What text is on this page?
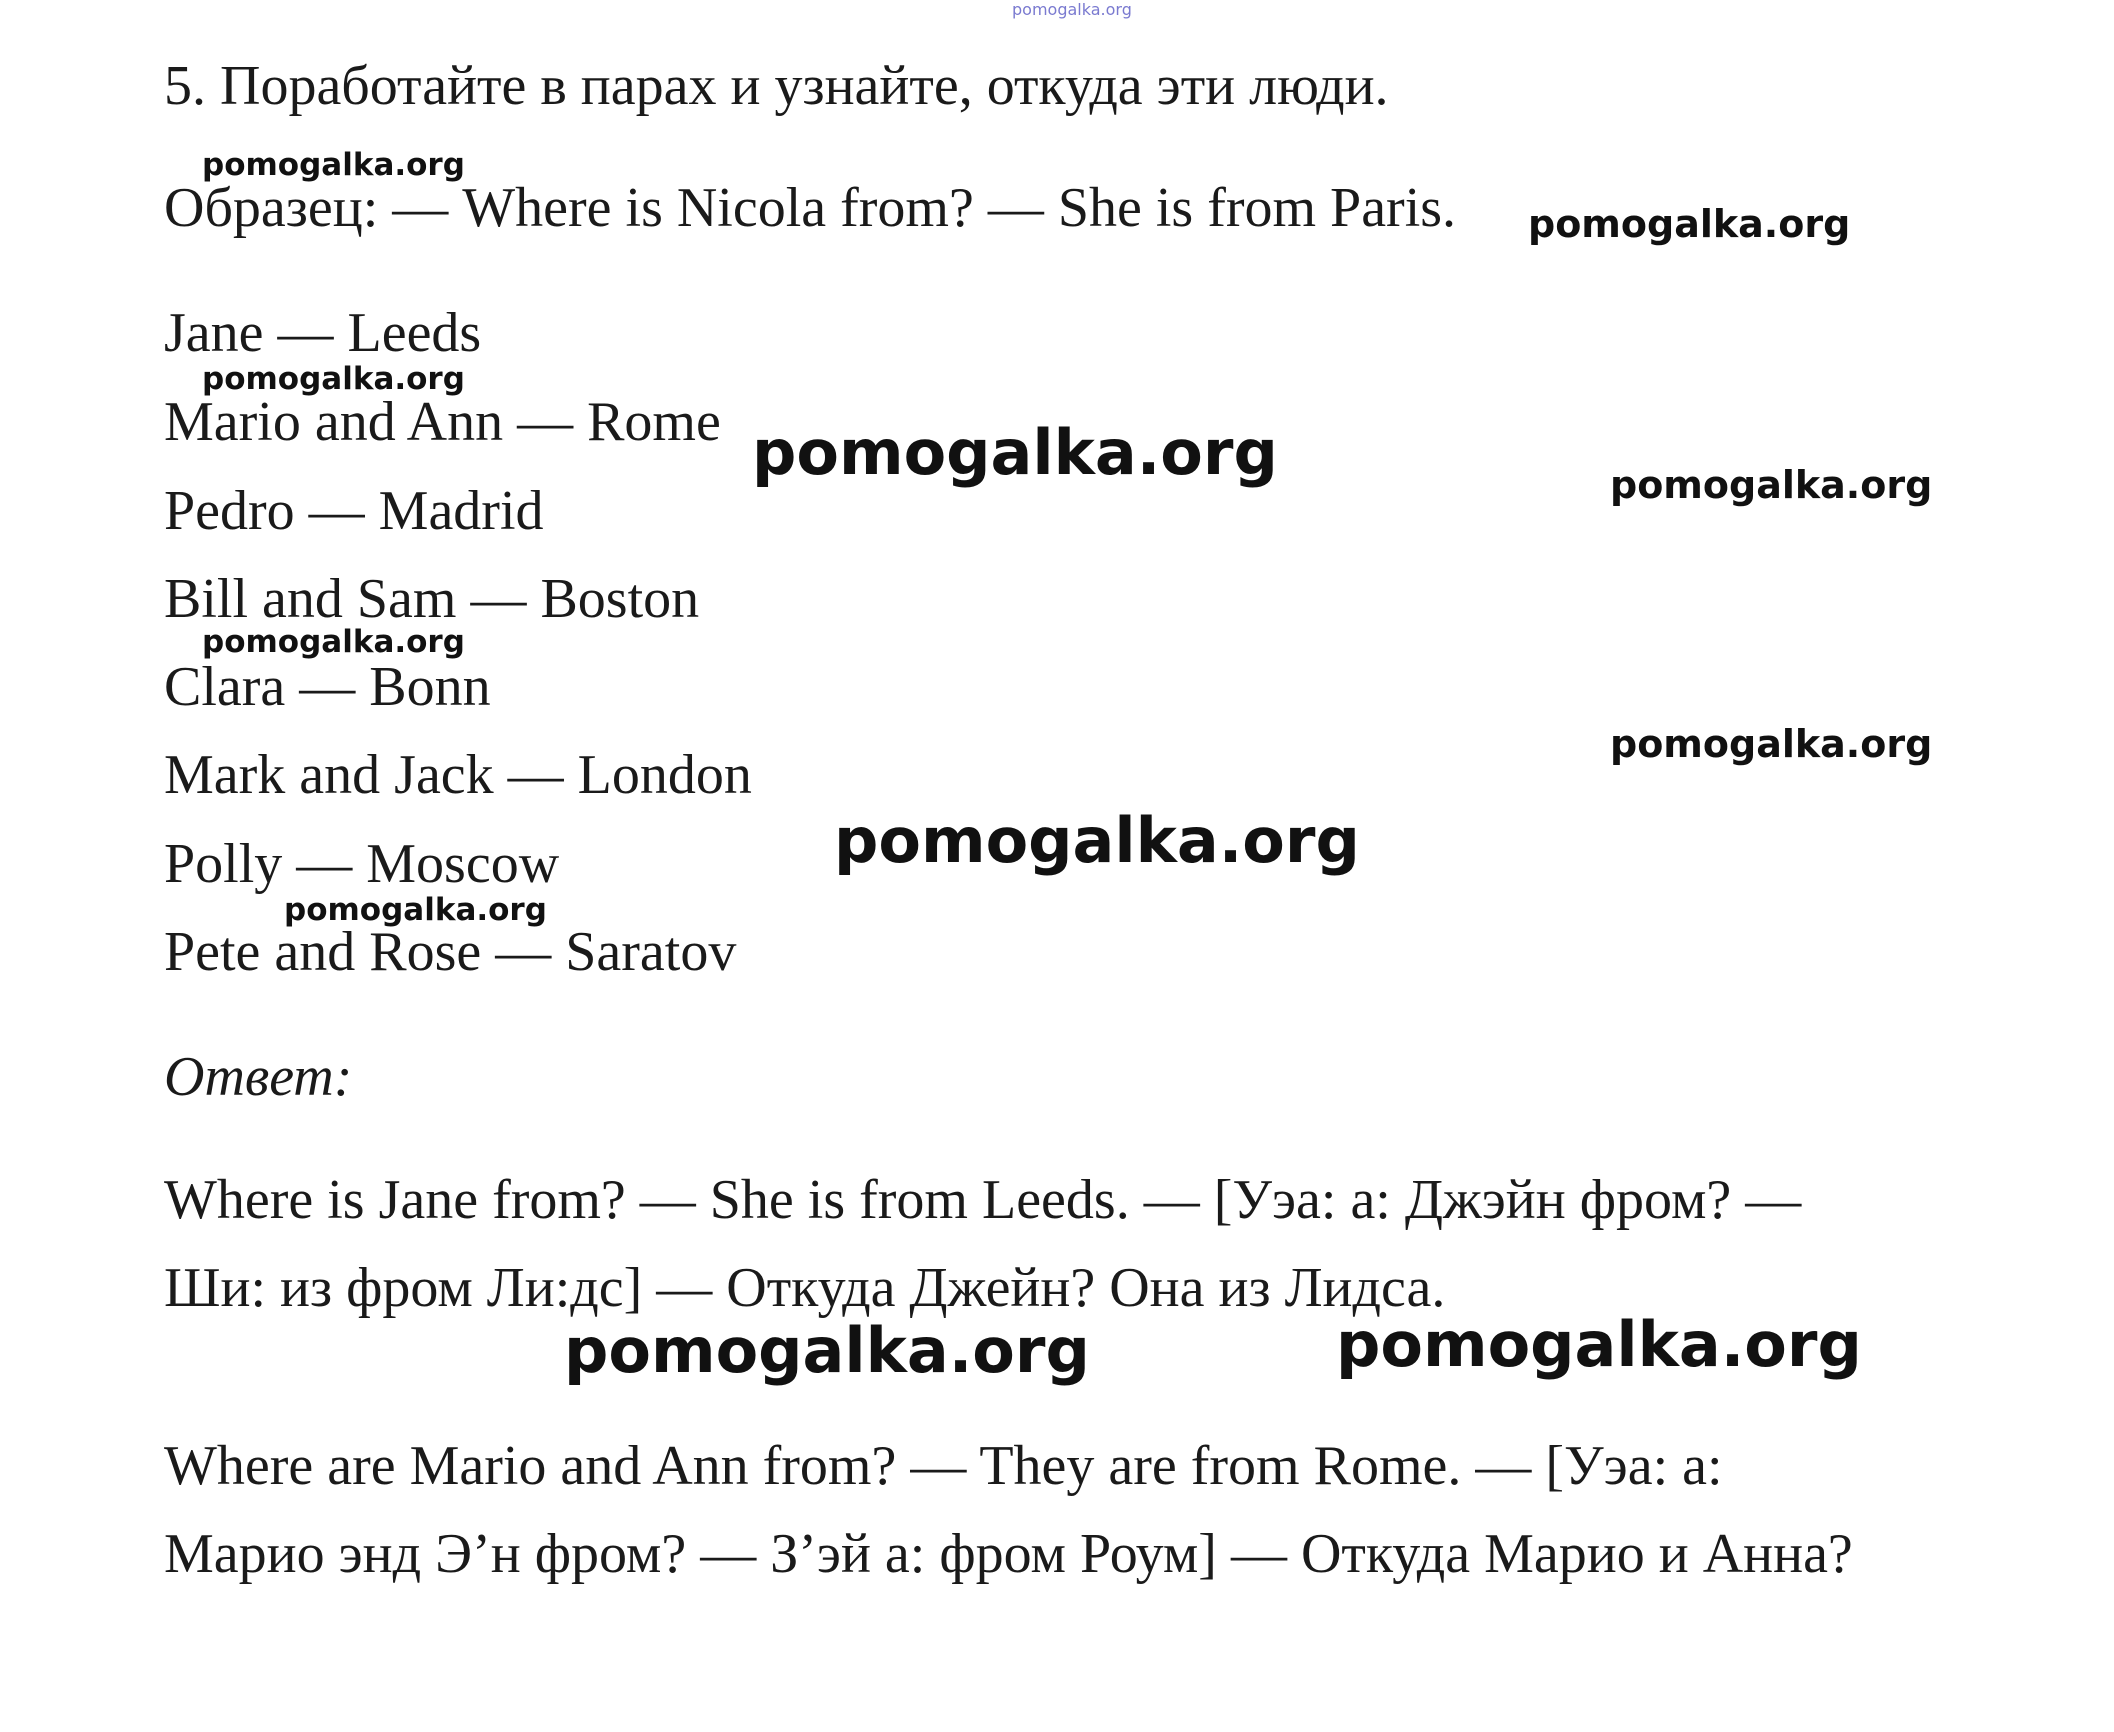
pomogalka.org
5. Поработайте в парах и узнайте, откуда эти люди.
Образец: — Where is Nicola from? — She is from Paris.
Jane — Leeds
Mario and Ann — Rome
Pedro — Madrid
Bill and Sam — Boston
Clara — Bonn
Mark and Jack — London
Polly — Moscow
Pete and Rose — Saratov
Ответ:
Where is Jane from? — She is from Leeds. — [Уэа: а: Джэйн фром? —
Ши: из фром Ли:дс] — Откуда Джейн? Она из Лидса.
Where are Mario and Ann from? — They are from Rome. — [Уэа: а:
Марио энд Э’н фром? — З’эй а: фром Роум] — Откуда Марио и Анна?
pomogalka.org
pomogalka.org
pomogalka.org
pomogalka.org	pomogalka.org
pomogalka.org
pomogalka.org
pomogalka.org
pomogalka.org
pomogalka.org	pomogalka.org
